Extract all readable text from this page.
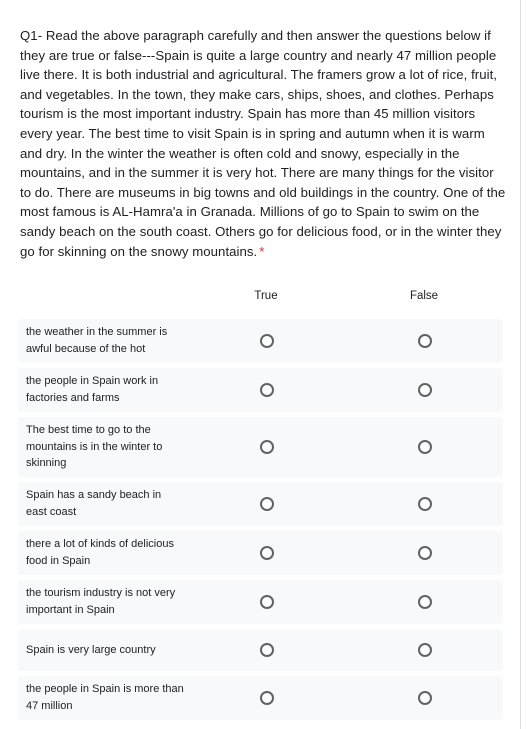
Q1- Read the above paragraph carefully and then answer the questions below if they are true or false---Spain is quite a large country and nearly 47 million people live there. It is both industrial and agricultural. The framers grow a lot of rice, fruit, and vegetables. In the town, they make cars, ships, shoes, and clothes. Perhaps tourism is the most important industry. Spain has more than 45 million visitors every year. The best time to visit Spain is in spring and autumn when it is warm and dry. In the winter the weather is often cold and snowy, especially in the mountains, and in the summer it is very hot. There are many things for the visitor to do. There are museums in big towns and old buildings in the country. One of the most famous is AL-Hamra'a in Granada. Millions of go to Spain to swim on the sandy beach on the south coast. Others go for delicious food, or in the winter they go for skinning on the snowy mountains. *
True	False
the weather in the summer is awful because of the hot
the people in Spain work in factories and farms
The best time to go to the mountains is in the winter to skinning
Spain has a sandy beach in east coast
there a lot of kinds of delicious food in Spain
the tourism industry is not very important in Spain
Spain is very large country
the people in Spain is more than 47 million
